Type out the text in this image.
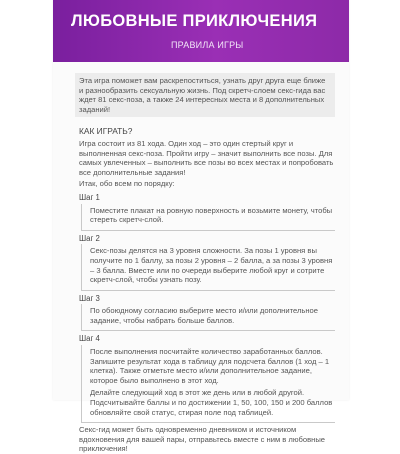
ЛЮБОВНЫЕ ПРИКЛЮЧЕНИЯ
ПРАВИЛА ИГРЫ
Эта игра поможет вам раскрепоститься, узнать друг друга еще ближе и разнообразить сексуальную жизнь. Под скретч-слоем секс-гида вас ждет 81 секс-поза, а также 24 интересных места и 8 дополнительных заданий!
КАК ИГРАТЬ?
Игра состоит из 81 хода. Один ход – это один стертый круг и выполненная секс-поза. Пройти игру – значит выполнить все позы. Для самых увлеченных – выполнить все позы во всех местах и попробовать все дополнительные задания!
Итак, обо всем по порядку:
Шаг 1
Поместите плакат на ровную поверхность и возьмите монету, чтобы стереть скретч-слой.
Шаг 2
Секс-позы делятся на 3 уровня сложности. За позы 1 уровня вы получите по 1 баллу, за позы 2 уровня – 2 балла, а за позы 3 уровня – 3 балла. Вместе или по очереди выберите любой круг и сотрите скретч-слой, чтобы узнать позу.
Шаг 3
По обоюдному согласию выберите место и/или дополнительное задание, чтобы набрать больше баллов.
Шаг 4
После выполнения посчитайте количество заработанных баллов. Запишите результат хода в таблицу для подсчета баллов (1 ход – 1 клетка). Также отметьте место и/или дополнительное задание, которое было выполнено в этот ход.
Делайте следующий ход в этот же день или в любой другой. Подсчитывайте баллы и по достижении 1, 50, 100, 150 и 200 баллов обновляйте свой статус, стирая поле под таблицей.
Секс-гид может быть одновременно дневником и источником вдохновения для вашей пары, отправьтесь вместе с ним в любовные приключения!
